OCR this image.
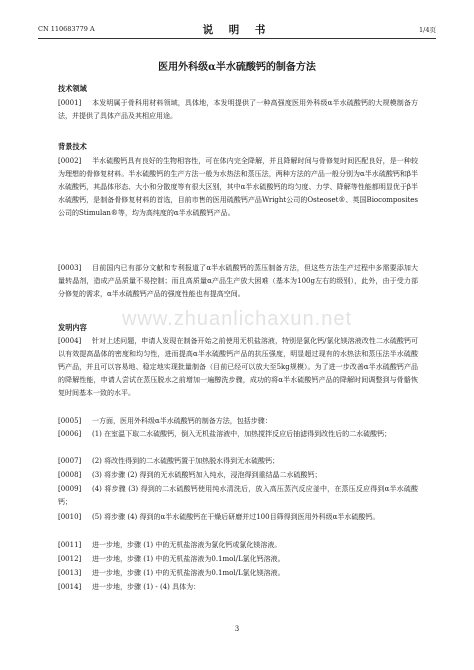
CN 110683779 A	说 明 书	1/4页
医用外科级α半水硫酸钙的制备方法
技术领域
[0001] 本发明属于骨科用材料领域，具体地，本发明提供了一种高强度医用外科级α半水硫酸钙的大规模制备方法，并提供了具体产品及其相应用途。
背景技术
[0002] 半水硫酸钙具有良好的生物相容性，可在体内完全降解，并且降解时间与骨修复时间匹配良好，是一种较为理想的骨修复材料。半水硫酸钙的生产方法一般为水热法和蒸压法，两种方法的产品一般分别为α半水硫酸钙和β半水硫酸钙，其晶体形态、大小和分散度等有很大区别，其中α半水硫酸钙的均匀度、力学、降解等性能都明显优于β半水硫酸钙，是制备骨修复材料的首选，目前市售的医用硫酸钙产品Wright公司的Osteoset®、英国Biocomposites公司的Stimulan®等，均为高纯度的α半水硫酸钙产品。
[0003] 目前国内已有部分文献和专利报道了α半水硫酸钙的蒸压制备方法，但这些方法生产过程中多需要添加大量转晶剂，造成产品质量不易控制；而且高质量α产品生产放大困难（基本为100g左右的级别），此外，由于受力部分修复的需求，α半水硫酸钙产品的强度性能也有提高空间。
发明内容
[0004] 针对上述问题，申请人发现在制备开始之前使用无机盐溶液，特别是氯化钙/氯化镁溶液改性二水硫酸钙可以有效提高晶体的密度和均匀性，进而提高α半水硫酸钙产品的抗压强度，明显超过现有的水热法和蒸压法半水硫酸钙产品，并且可以容易地、稳定地实现批量制备（目前已经可以放大至5kg规模）。为了进一步改善α半水硫酸钙产品的降解性能，申请人尝试在蒸压脱水之前增加一遍醇洗步骤，成功的将α半水硫酸钙产品的降解时间调整到与骨骼恢复时间基本一致的水平。
[0005] 一方面，医用外科级α半水硫酸钙的制备方法，包括步骤：
[0006] (1) 在室温下取二水硫酸钙，倒入无机盐溶液中，加热搅拌反应后抽滤得到改性后的二水硫酸钙；
[0007] (2) 将改性得到的二水硫酸钙置于加热脱水得到无水硫酸钙；
[0008] (3) 将步骤 (2) 得到的无水硫酸钙加入纯水，浸泡得到重结晶二水硫酸钙；
[0009] (4) 将步骤 (3) 得到的二水硫酸钙使用纯水清洗后，放入高压蒸汽反应釜中，在蒸压反应得到α半水硫酸钙；
[0010] (5) 将步骤 (4) 得到的α半水硫酸钙在干燥后研磨并过100目筛得到医用外科级α半水硫酸钙。
[0011] 进一步地，步骤 (1) 中的无机盐溶液为氯化钙或氯化镁溶液。
[0012] 进一步地，步骤 (1) 中的无机盐溶液为0.1mol/L氯化钙溶液。
[0013] 进一步地，步骤 (1) 中的无机盐溶液为0.1mol/L氯化镁溶液。
[0014] 进一步地，步骤 (1) - (4) 具体为：
www.zhuanlichaxun.net
3
